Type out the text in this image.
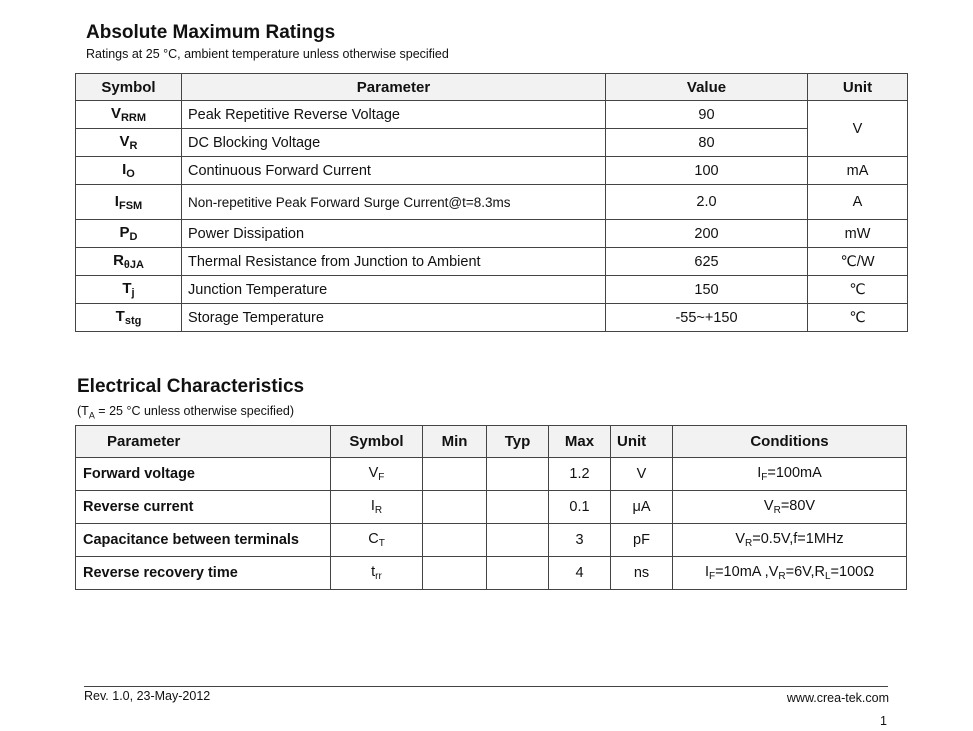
Absolute Maximum Ratings
Ratings at 25 °C, ambient temperature unless otherwise specified
Symbol	Parameter	Value	Unit
$V_{RRM}$	Peak Repetitive Reverse Voltage	90	V
$V_R$	DC Blocking Voltage	80	
$I_O$	Continuous Forward Current	100	mA
$I_{FSM}$	Non-repetitive Peak Forward Surge Current@t=8.3ms	2.0	A
$P_D$	Power Dissipation	200	mW
$R_{\theta JA}$	Thermal Resistance from Junction to Ambient	625	℃/W
$T_j$	Junction Temperature	150	℃
$T_{stg}$	Storage Temperature	-55~+150	℃
Electrical Characteristics
($T_A = 25$ °C unless otherwise specified)
Parameter	Symbol	Min	Typ	Max	Unit	Conditions
Forward voltage	$V_F$			1.2	V	$I_F=100mA$
Reverse current	$I_R$			0.1	μA	$V_R=80V$
Capacitance between terminals	$C_T$			3	pF	$V_R=0.5V,f=1MHz$
Reverse recovery time	$t_{rr}$			4	ns	$I_F=10mA$ $,V_R=6V,R_L=100\Omega$
Rev. 1.0, 23-May-2012	www.crea-tek.com
1
